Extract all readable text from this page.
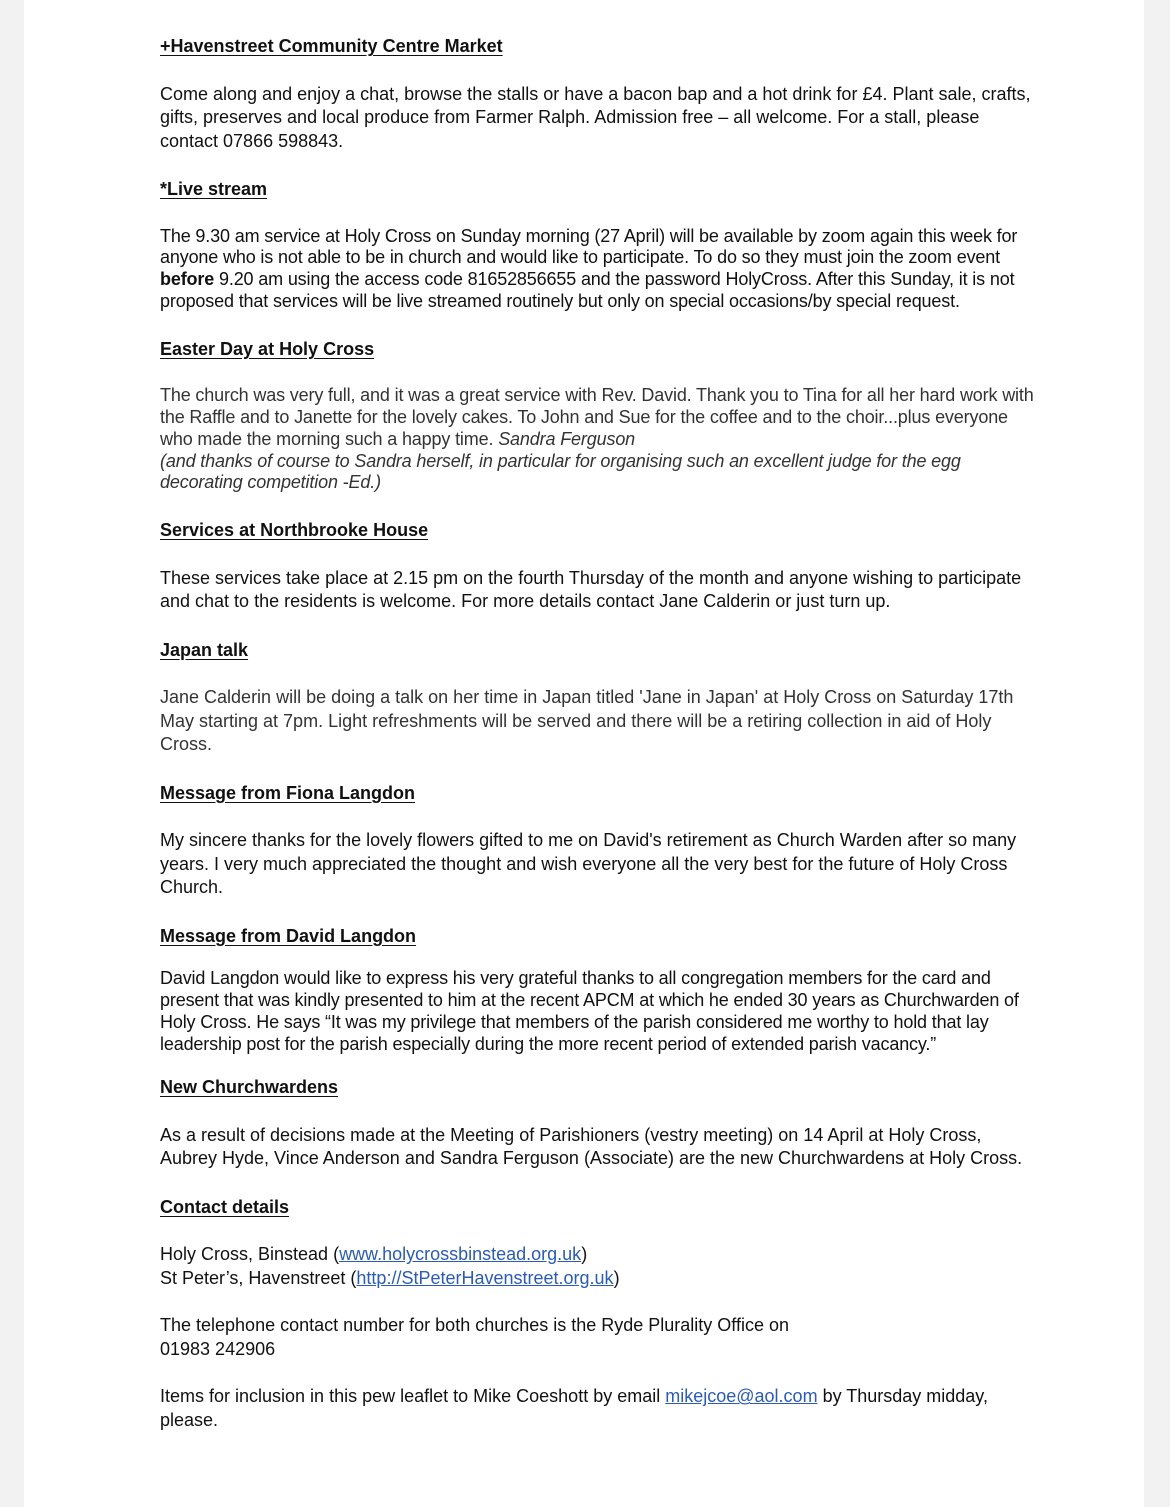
+Havenstreet Community Centre Market

Come along and enjoy a chat, browse the stalls or have a bacon bap and a hot drink for £4. Plant sale, crafts, gifts, preserves and local produce from Farmer Ralph. Admission free – all welcome. For a stall, please contact 07866 598843.

*Live stream

The 9.30 am service at Holy Cross on Sunday morning (27 April) will be available by zoom again this week for anyone who is not able to be in church and would like to participate. To do so they must join the zoom event before 9.20 am using the access code 81652856655 and the password HolyCross. After this Sunday, it is not proposed that services will be live streamed routinely but only on special occasions/by special request.

Easter Day at Holy Cross

The church was very full, and it was a great service with Rev. David. Thank you to Tina for all her hard work with the Raffle and to Janette for the lovely cakes. To John and Sue for the coffee and to the choir...plus everyone who made the morning such a happy time. Sandra Ferguson
(and thanks of course to Sandra herself, in particular for organising such an excellent judge for the egg decorating competition -Ed.)

Services at Northbrooke House

These services take place at 2.15 pm on the fourth Thursday of the month and anyone wishing to participate and chat to the residents is welcome. For more details contact Jane Calderin or just turn up.

Japan talk

Jane Calderin will be doing a talk on her time in Japan titled 'Jane in Japan' at Holy Cross on Saturday 17th May starting at 7pm. Light refreshments will be served and there will be a retiring collection in aid of Holy Cross.

Message from Fiona Langdon

My sincere thanks for the lovely flowers gifted to me on David's retirement as Church Warden after so many years. I very much appreciated the thought and wish everyone all the very best for the future of Holy Cross Church.

Message from David Langdon

David Langdon would like to express his very grateful thanks to all congregation members for the card and present that was kindly presented to him at the recent APCM at which he ended 30 years as Churchwarden of Holy Cross. He says “It was my privilege that members of the parish considered me worthy to hold that lay leadership post for the parish especially during the more recent period of extended parish vacancy.”

New Churchwardens

As a result of decisions made at the Meeting of Parishioners (vestry meeting) on 14 April at Holy Cross, Aubrey Hyde, Vince Anderson and Sandra Ferguson (Associate) are the new Churchwardens at Holy Cross.

Contact details

Holy Cross, Binstead (www.holycrossbinstead.org.uk)

St Peter’s, Havenstreet (http://StPeterHavenstreet.org.uk)

The telephone contact number for both churches is the Ryde Plurality Office on

01983 242906

Items for inclusion in this pew leaflet to Mike Coeshott by email mikejcoe@aol.com by Thursday midday, please.
